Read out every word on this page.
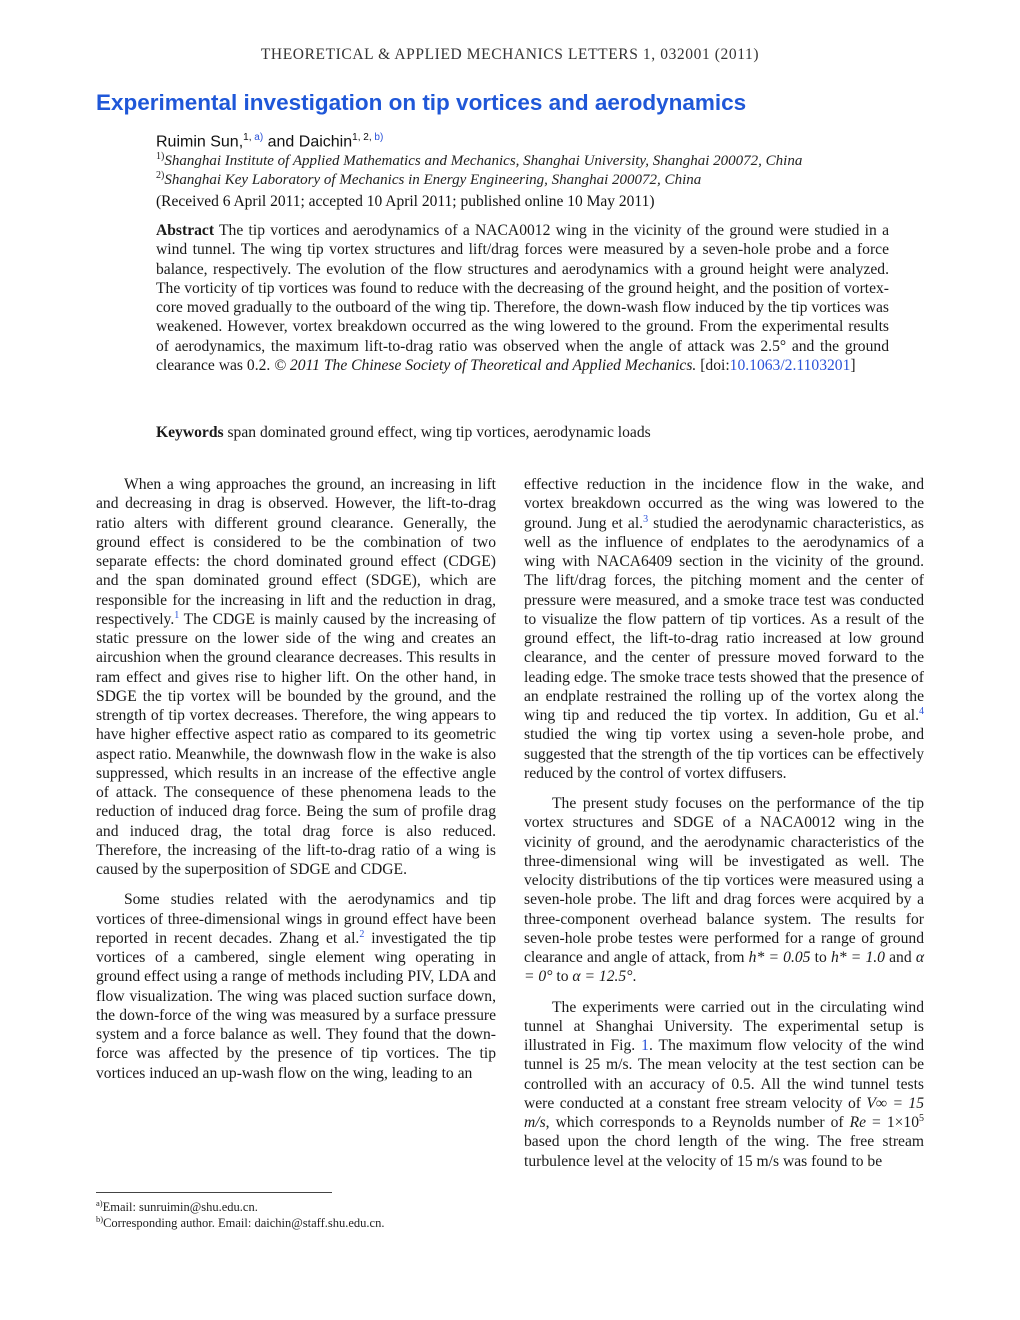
THEORETICAL & APPLIED MECHANICS LETTERS 1, 032001 (2011)
Experimental investigation on tip vortices and aerodynamics
Ruimin Sun,$^{1, a)}$ and Daichin$^{1, 2, b)}$
$^{1)}$Shanghai Institute of Applied Mathematics and Mechanics, Shanghai University, Shanghai 200072, China
$^{2)}$Shanghai Key Laboratory of Mechanics in Energy Engineering, Shanghai 200072, China
(Received 6 April 2011; accepted 10 April 2011; published online 10 May 2011)
Abstract The tip vortices and aerodynamics of a NACA0012 wing in the vicinity of the ground were studied in a wind tunnel. The wing tip vortex structures and lift/drag forces were measured by a seven-hole probe and a force balance, respectively. The evolution of the flow structures and aerodynamics with a ground height were analyzed. The vorticity of tip vortices was found to reduce with the decreasing of the ground height, and the position of vortex-core moved gradually to the outboard of the wing tip. Therefore, the down-wash flow induced by the tip vortices was weakened. However, vortex breakdown occurred as the wing lowered to the ground. From the experimental results of aerodynamics, the maximum lift-to-drag ratio was observed when the angle of attack was 2.5° and the ground clearance was 0.2. © 2011 The Chinese Society of Theoretical and Applied Mechanics. [doi:10.1063/2.1103201]
Keywords span dominated ground effect, wing tip vortices, aerodynamic loads

When a wing approaches the ground, an increasing in lift and decreasing in drag is observed. However, the lift-to-drag ratio alters with different ground clearance. Generally, the ground effect is considered to be the combination of two separate effects: the chord dominated ground effect (CDGE) and the span dominated ground effect (SDGE), which are responsible for the increasing in lift and the reduction in drag, respectively.$^1$ The CDGE is mainly caused by the increasing of static pressure on the lower side of the wing and creates an aircushion when the ground clearance decreases. This results in ram effect and gives rise to higher lift. On the other hand, in SDGE the tip vortex will be bounded by the ground, and the strength of tip vortex decreases. Therefore, the wing appears to have higher effective aspect ratio as compared to its geometric aspect ratio. Meanwhile, the downwash flow in the wake is also suppressed, which results in an increase of the effective angle of attack. The consequence of these phenomena leads to the reduction of induced drag force. Being the sum of profile drag and induced drag, the total drag force is also reduced. Therefore, the increasing of the lift-to-drag ratio of a wing is caused by the superposition of SDGE and CDGE.

Some studies related with the aerodynamics and tip vortices of three-dimensional wings in ground effect have been reported in recent decades. Zhang et al.$^2$ investigated the tip vortices of a cambered, single element wing operating in ground effect using a range of methods including PIV, LDA and flow visualization. The wing was placed suction surface down, the down-force of the wing was measured by a surface pressure system and a force balance as well. They found that the down-force was affected by the presence of tip vortices. The tip vortices induced an up-wash flow on the wing, leading to an

effective reduction in the incidence flow in the wake, and vortex breakdown occurred as the wing was lowered to the ground. Jung et al.$^3$ studied the aerodynamic characteristics, as well as the influence of endplates to the aerodynamics of a wing with NACA6409 section in the vicinity of the ground. The lift/drag forces, the pitching moment and the center of pressure were measured, and a smoke trace test was conducted to visualize the flow pattern of tip vortices. As a result of the ground effect, the lift-to-drag ratio increased at low ground clearance, and the center of pressure moved forward to the leading edge. The smoke trace tests showed that the presence of an endplate restrained the rolling up of the vortex along the wing tip and reduced the tip vortex. In addition, Gu et al.$^4$ studied the wing tip vortex using a seven-hole probe, and suggested that the strength of the tip vortices can be effectively reduced by the control of vortex diffusers.

The present study focuses on the performance of the tip vortex structures and SDGE of a NACA0012 wing in the vicinity of ground, and the aerodynamic characteristics of the three-dimensional wing will be investigated as well. The velocity distributions of the tip vortices were measured using a seven-hole probe. The lift and drag forces were acquired by a three-component overhead balance system. The results for seven-hole probe testes were performed for a range of ground clearance and angle of attack, from h* = 0.05 to h* = 1.0 and α = 0° to α = 12.5°.

The experiments were carried out in the circulating wind tunnel at Shanghai University. The experimental setup is illustrated in Fig. 1. The maximum flow velocity of the wind tunnel is 25 m/s. The mean velocity at the test section can be controlled with an accuracy of 0.5. All the wind tunnel tests were conducted at a constant free stream velocity of V∞ = 15 m/s, which corresponds to a Reynolds number of $Re = 1\times 10^5$ based upon the chord length of the wing. The free stream turbulence level at the velocity of 15 m/s was found to be

$^{a)}$Email: sunruimin@shu.edu.cn.
$^{b)}$Corresponding author. Email: daichin@staff.shu.edu.cn.
